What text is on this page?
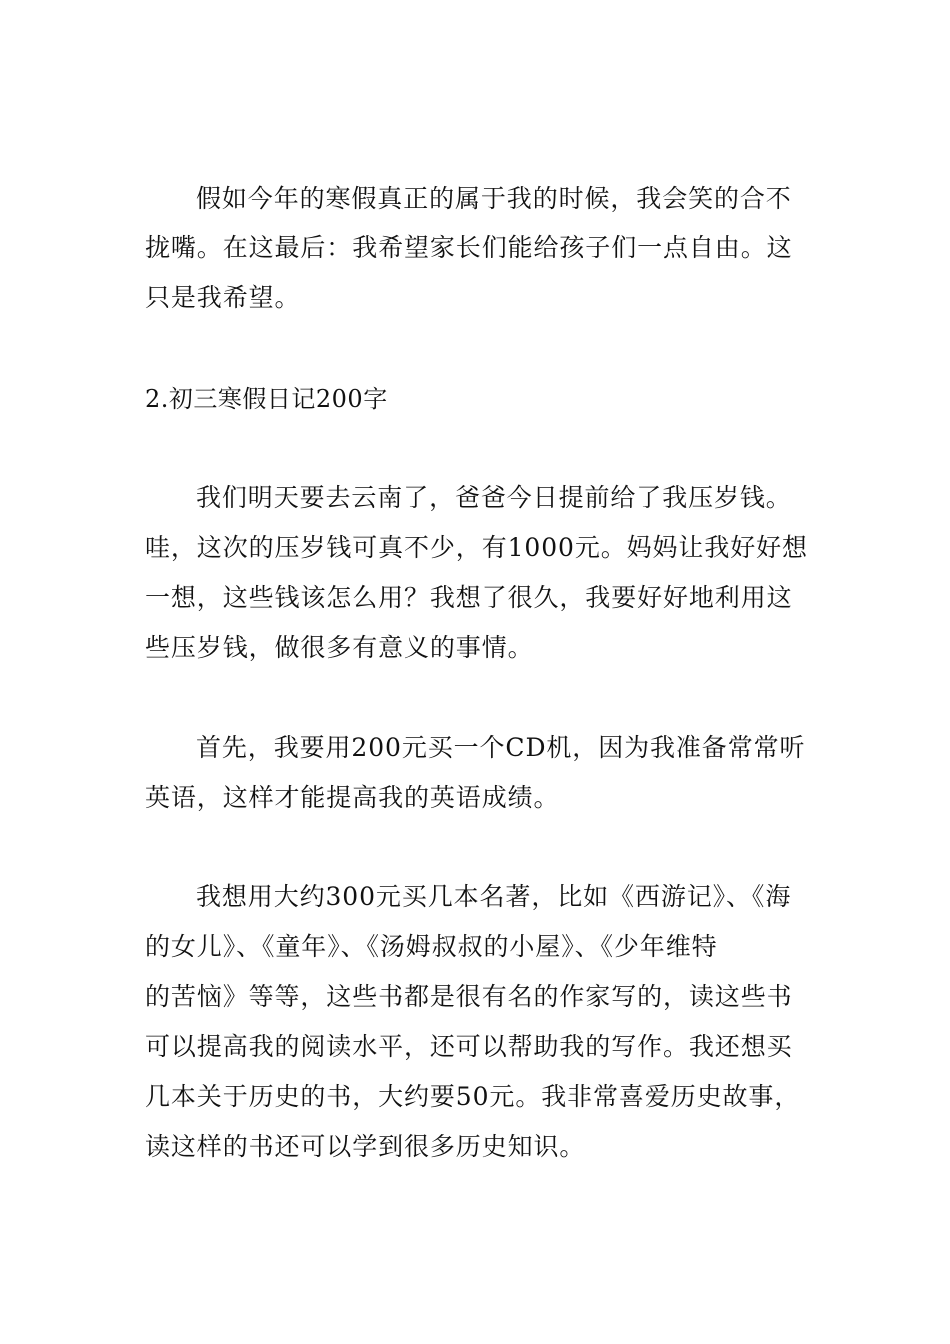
假如今年的寒假真正的属于我的时候，我会笑的合不

拢嘴。在这最后：我希望家长们能给孩子们一点自由。这

只是我希望。

2.初三寒假日记200字

我们明天要去云南了，爸爸今日提前给了我压岁钱。

哇，这次的压岁钱可真不少，有1000元。妈妈让我好好想

一想，这些钱该怎么用？我想了很久，我要好好地利用这

些压岁钱，做很多有意义的事情。

首先，我要用200元买一个CD机，因为我准备常常听

英语，这样才能提高我的英语成绩。

我想用大约300元买几本名著，比如《西游记》、《海

的女儿》、《童年》、《汤姆叔叔的小屋》、《少年维特

的苦恼》等等，这些书都是很有名的作家写的，读这些书

可以提高我的阅读水平，还可以帮助我的写作。我还想买

几本关于历史的书，大约要50元。我非常喜爱历史故事，

读这样的书还可以学到很多历史知识。
